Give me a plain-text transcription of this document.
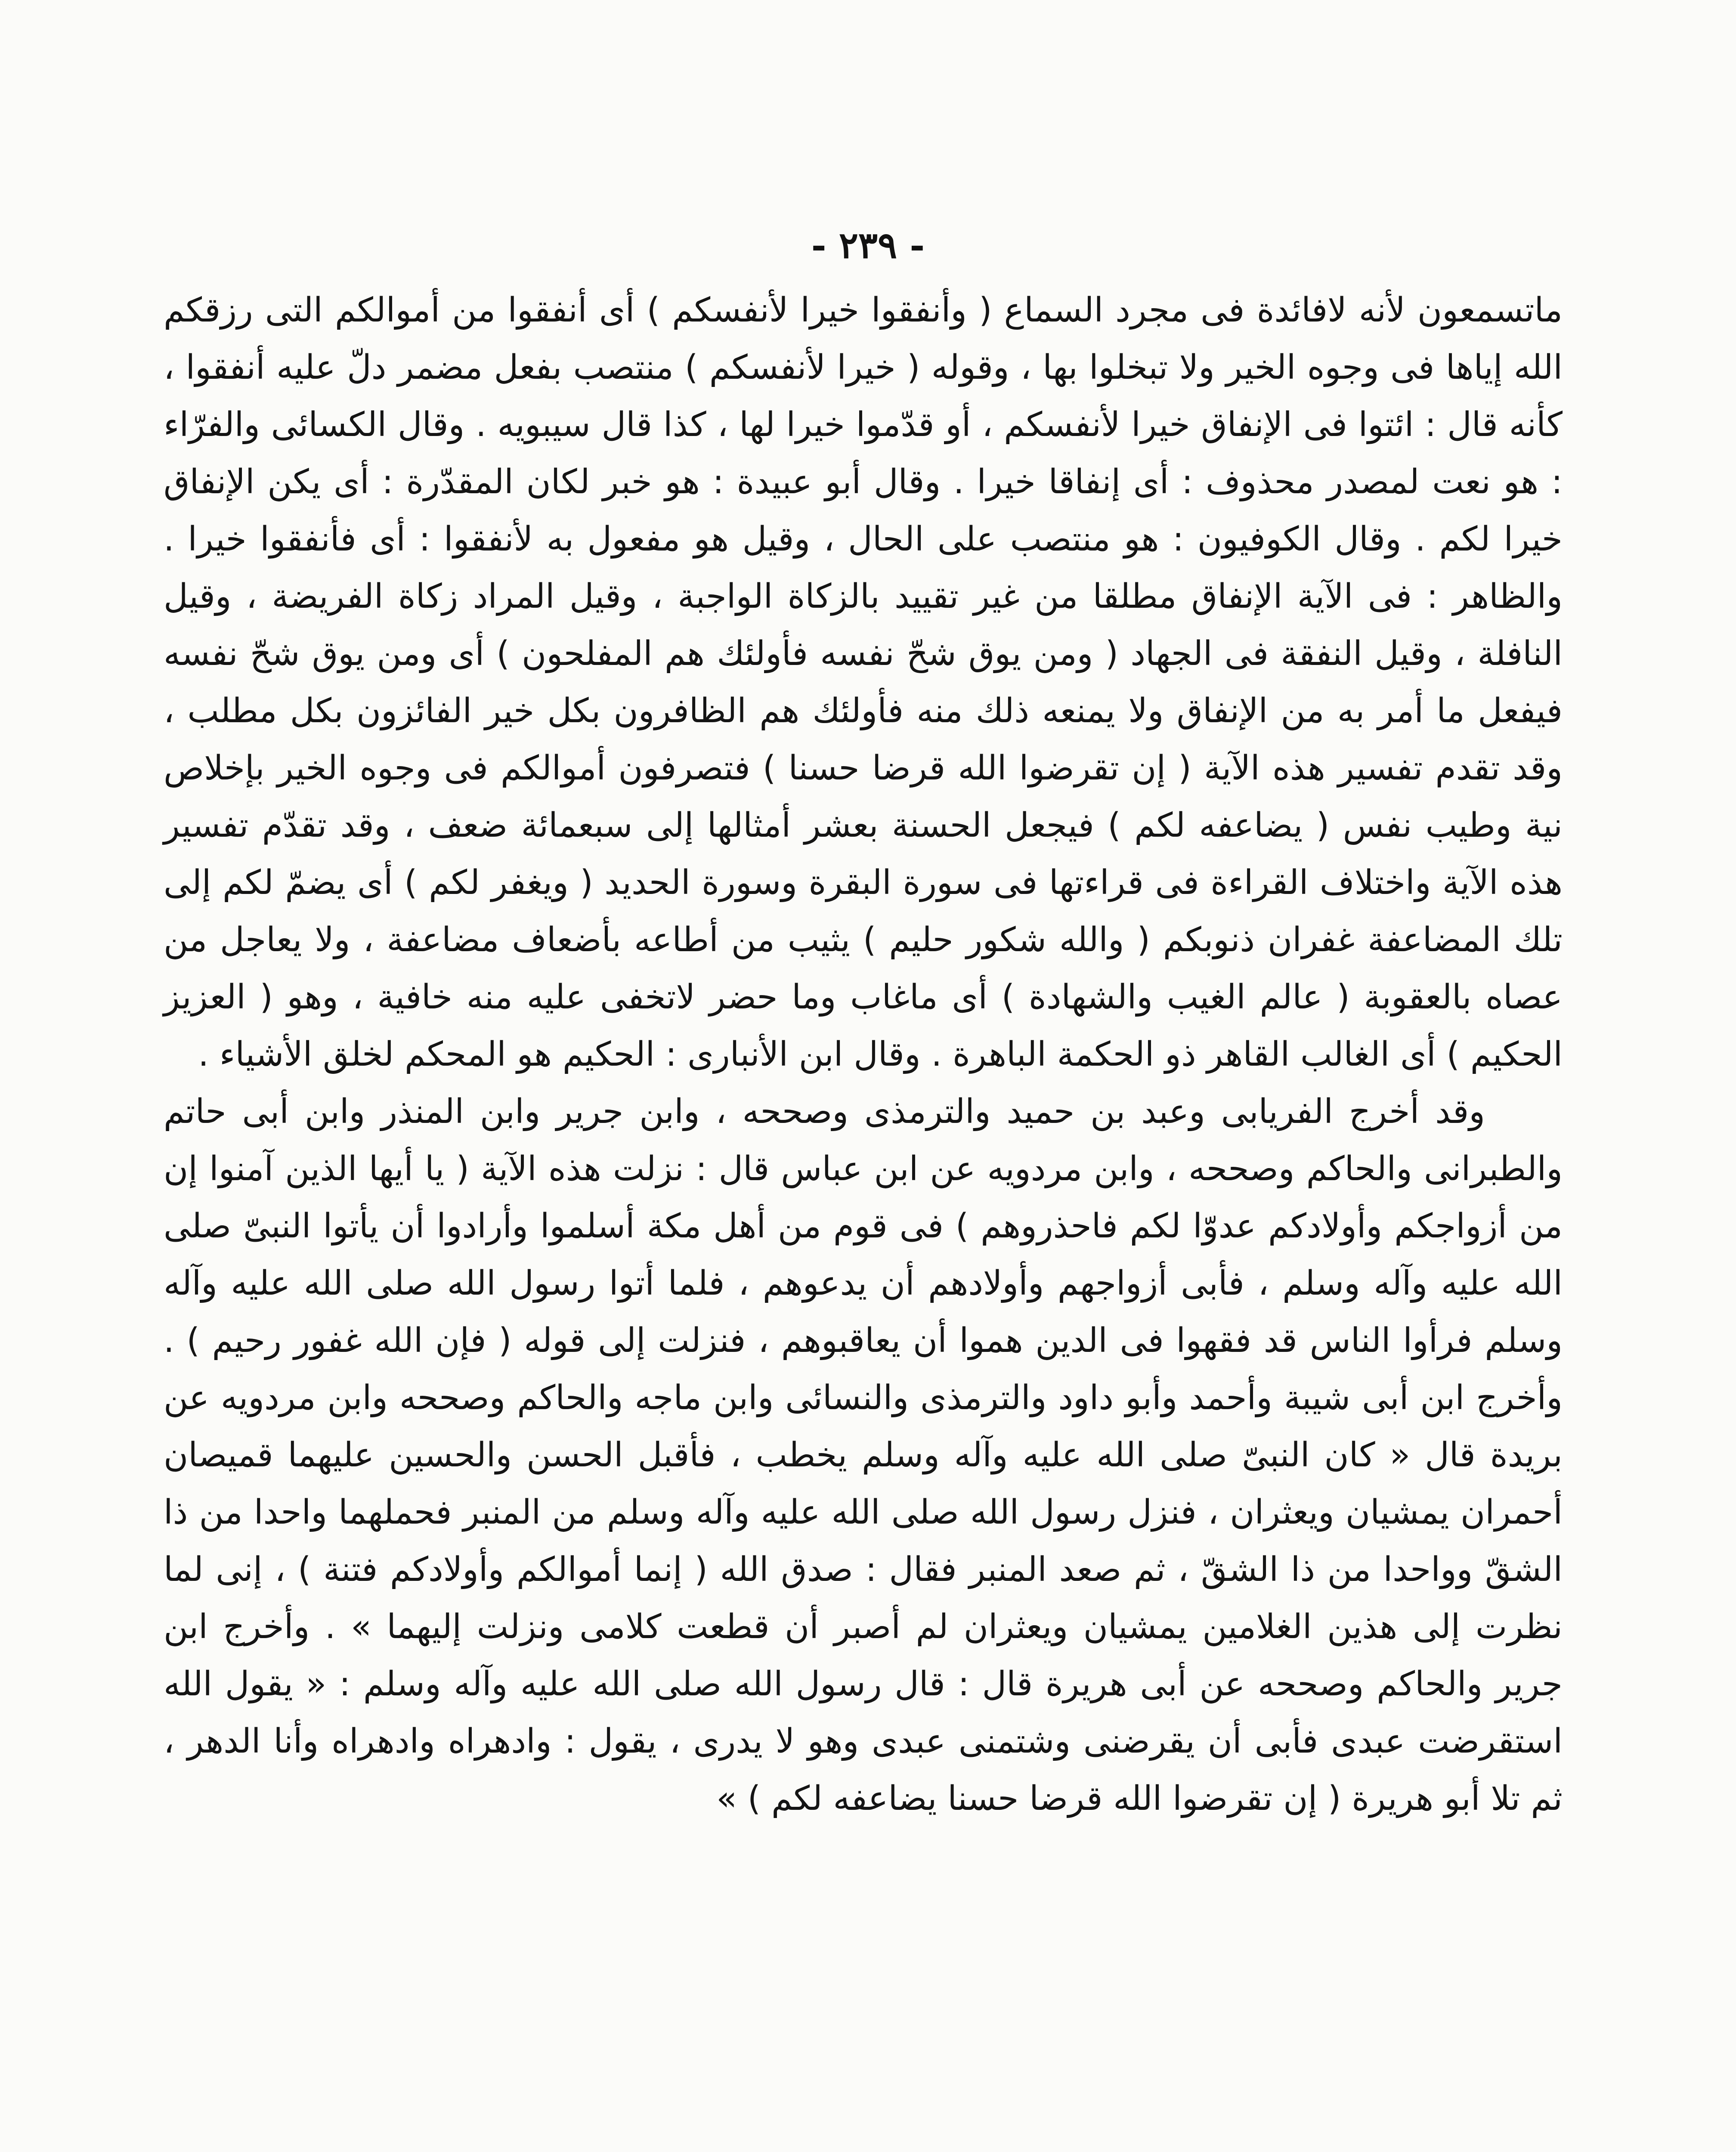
- ٢٣٩ -

ماتسمعون لأنه لافائدة فى مجرد السماع ( وأنفقوا خيرا لأنفسكم ) أى أنفقوا من أموالكم التى رزقكم الله إياها فى وجوه الخير ولا تبخلوا بها ، وقوله ( خيرا لأنفسكم ) منتصب بفعل مضمر دلّ عليه أنفقوا ، كأنه قال : ائتوا فى الإنفاق خيرا لأنفسكم ، أو قدّموا خيرا لها ، كذا قال سيبويه . وقال الكسائى والفرّاء : هو نعت لمصدر محذوف : أى إنفاقا خيرا . وقال أبو عبيدة : هو خبر لكان المقدّرة : أى يكن الإنفاق خيرا لكم . وقال الكوفيون : هو منتصب على الحال ، وقيل هو مفعول به لأنفقوا : أى فأنفقوا خيرا . والظاهر : فى الآية الإنفاق مطلقا من غير تقييد بالزكاة الواجبة ، وقيل المراد زكاة الفريضة ، وقيل النافلة ، وقيل النفقة فى الجهاد ( ومن يوق شحّ نفسه فأولئك هم المفلحون ) أى ومن يوق شحّ نفسه فيفعل ما أمر به من الإنفاق ولا يمنعه ذلك منه فأولئك هم الظافرون بكل خير الفائزون بكل مطلب ، وقد تقدم تفسير هذه الآية ( إن تقرضوا الله قرضا حسنا ) فتصرفون أموالكم فى وجوه الخير بإخلاص نية وطيب نفس ( يضاعفه لكم ) فيجعل الحسنة بعشر أمثالها إلى سبعمائة ضعف ، وقد تقدّم تفسير هذه الآية واختلاف القراءة فى قراءتها فى سورة البقرة وسورة الحديد ( ويغفر لكم ) أى يضمّ لكم إلى تلك المضاعفة غفران ذنوبكم ( والله شكور حليم ) يثيب من أطاعه بأضعاف مضاعفة ، ولا يعاجل من عصاه بالعقوبة ( عالم الغيب والشهادة ) أى ماغاب وما حضر لاتخفى عليه منه خافية ، وهو ( العزيز الحكيم ) أى الغالب القاهر ذو الحكمة الباهرة . وقال ابن الأنبارى : الحكيم هو المحكم لخلق الأشياء .

وقد أخرج الفريابى وعبد بن حميد والترمذى وصححه ، وابن جرير وابن المنذر وابن أبى حاتم والطبرانى والحاكم وصححه ، وابن مردويه عن ابن عباس قال : نزلت هذه الآية ( يا أيها الذين آمنوا إن من أزواجكم وأولادكم عدوّا لكم فاحذروهم ) فى قوم من أهل مكة أسلموا وأرادوا أن يأتوا النبىّ صلى الله عليه وآله وسلم ، فأبى أزواجهم وأولادهم أن يدعوهم ، فلما أتوا رسول الله صلى الله عليه وآله وسلم فرأوا الناس قد فقهوا فى الدين هموا أن يعاقبوهم ، فنزلت إلى قوله ( فإن الله غفور رحيم ) . وأخرج ابن أبى شيبة وأحمد وأبو داود والترمذى والنسائى وابن ماجه والحاكم وصححه وابن مردويه عن بريدة قال « كان النبىّ صلى الله عليه وآله وسلم يخطب ، فأقبل الحسن والحسين عليهما قميصان أحمران يمشيان ويعثران ، فنزل رسول الله صلى الله عليه وآله وسلم من المنبر فحملهما واحدا من ذا الشقّ وواحدا من ذا الشقّ ، ثم صعد المنبر فقال : صدق الله ( إنما أموالكم وأولادكم فتنة ) ، إنى لما نظرت إلى هذين الغلامين يمشيان ويعثران لم أصبر أن قطعت كلامى ونزلت إليهما » . وأخرج ابن جرير والحاكم وصححه عن أبى هريرة قال : قال رسول الله صلى الله عليه وآله وسلم : « يقول الله استقرضت عبدى فأبى أن يقرضنى وشتمنى عبدى وهو لا يدرى ، يقول : وادهراه وادهراه وأنا الدهر ، ثم تلا أبو هريرة ( إن تقرضوا الله قرضا حسنا يضاعفه لكم ) »
